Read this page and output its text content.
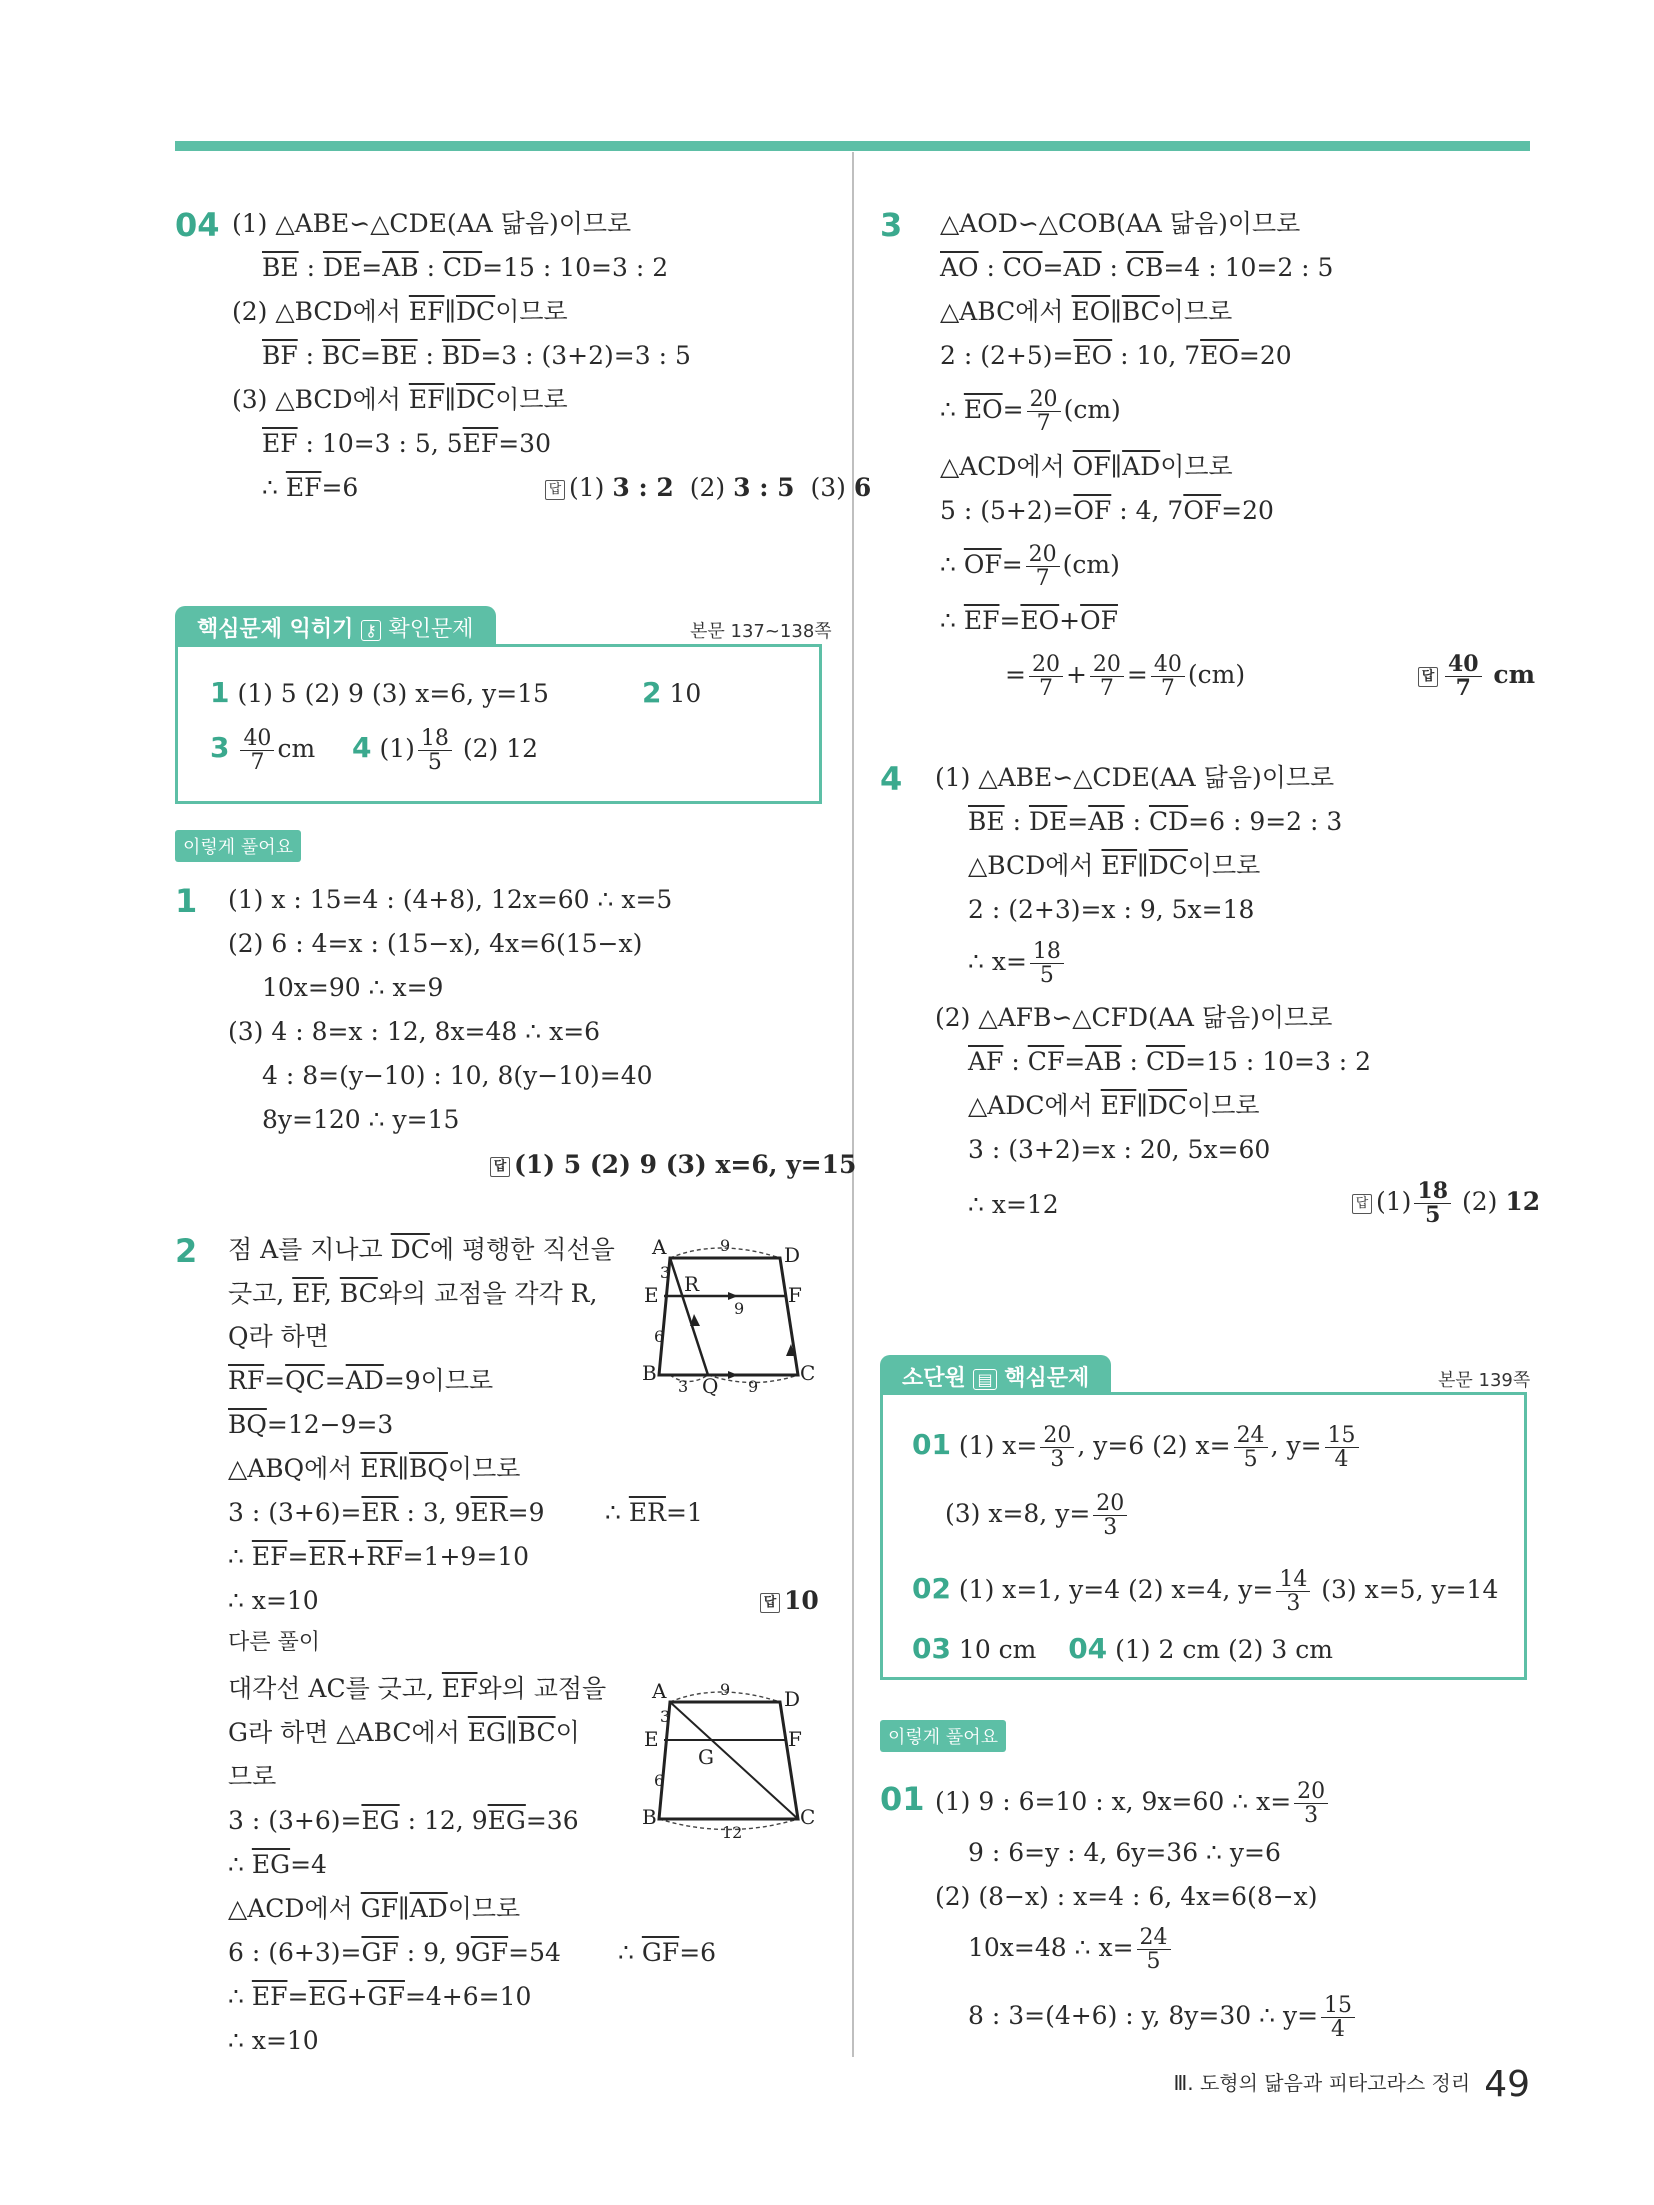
04 (1) △ABE∽△CDE(AA 닮음)이므로
$\overline{BE}$ : $\overline{DE}=\overline{AB}$ : $\overline{CD}=15$ : 10=3 : 2
(2) △BCD에서 $\overline{EF}\parallel\overline{DC}$이므로
$\overline{BF}$ : $\overline{BC}=\overline{BE}$ : $\overline{BD}=3$ : (3+2)=3 : 5
(3) △BCD에서 $\overline{EF}\parallel\overline{DC}$이므로
$\overline{EF}$ : 10=3 : 5, $5\overline{EF}=30$
∴ $\overline{EF}=6$	답 (1) 3 : 2 (2) 3 : 5 (3) 6
핵심문제 익히기 ⚷ 확인문제	본문 137~138쪽
1 (1) 5 (2) 9 (3) x=6, y=15	2 10
$3 \frac{40}{7}$ cm 4 $(1) \frac{18}{5} (2)$ 12
이렇게 풀어요
1 (1) x : 15=4 : (4+8), 12x=60 ∴ x=5
(2) 6 : 4=x : (15−x), 4x=6(15−x)
10x=90 ∴ x=9
(3) 4 : 8=x : 12, 8x=48 ∴ x=6
4 : 8=(y−10) : 10, 8(y−10)=40
8y=120 ∴ y=15
답 (1) 5 (2) 9 (3) x=6, y=15
2 점 A를 지나고 $\overline{DC}$에 평행한 직선을
긋고, $\overline{EF}$, $\overline{BC}$와의 교점을 각각 R,
Q라 하면
$\overline{RF}=\overline{QC}=\overline{AD}=9$이므로
$\overline{BQ}=12-9=3$
△ABQ에서 $\overline{ER}\parallel\overline{BQ}$이므로
3 : $(3+6)=\overline{ER}$ : 3, $9\overline{ER}=9$ ∴ $\overline{ER}=1$
∴ $\overline{EF}=\overline{ER}+\overline{RF}=1+9=10$
∴ x=10	답 10
다른 풀이
대각선 AC를 긋고, $\overline{EF}$와의 교점을
G라 하면 △ABC에서 $\overline{EG}\parallel\overline{BC}$이
므로
3 : $(3+6)=\overline{EG}$ : 12, $9\overline{EG}=36$
∴ $\overline{EG}=4$
△ACD에서 $\overline{GF}\parallel\overline{AD}$이므로
6 : $(6+3)=\overline{GF}$ : 9, $9\overline{GF}=54$ ∴ $\overline{GF}=6$
∴ $\overline{EF}=\overline{EG}+\overline{GF}=4+6=10$
∴ x=10
A	D
E	F
B	C
R
Q
9
9
3	9
3
6
A	D
E	F
B	C
G
9
12
3
6
3 △AOD∽△COB(AA 닮음)이므로
$\overline{AO}$ : $\overline{CO}=\overline{AD}$ : $\overline{CB}=4$ : 10=2 : 5
△ABC에서 $\overline{EO}\parallel\overline{BC}$이므로
2 : $(2+5)=\overline{EO}$ : 10, $7\overline{EO}=20$
∴ $\overline{EO}= \frac{20}{7} (cm)$
△ACD에서 $\overline{OF}\parallel\overline{AD}$이므로
5 : $(5+2)=\overline{OF}$ : 4, $7\overline{OF}=20$
∴ $\overline{OF}= \frac{20}{7} (cm)$
∴ $\overline{EF}=\overline{EO}+\overline{OF}$
= $\frac{20}{7} + \frac{20}{7} = \frac{40}{7} (cm)$	답 $\frac{40}{7}$ cm
4 (1) △ABE∽△CDE(AA 닮음)이므로
$\overline{BE}$ : $\overline{DE}=\overline{AB}$ : $\overline{CD}=6$ : 9=2 : 3
△BCD에서 $\overline{EF}\parallel\overline{DC}$이므로
2 : (2+3)=x : 9, 5x=18
∴ $x= \frac{18}{5}$
(2) △AFB∽△CFD(AA 닮음)이므로
$\overline{AF}$ : $\overline{CF}=\overline{AB}$ : $\overline{CD}=15$ : 10=3 : 2
△ADC에서 $\overline{EF}\parallel\overline{DC}$이므로
3 : (3+2)=x : 20, 5x=60
∴ x=12	답 $(1) \frac{18}{5} (2)$ 12
소단원 ▤ 핵심문제	본문 139쪽
01 (1) $x= \frac{20}{3}$ , y=6 (2) $x= \frac{24}{5}$ , $y= \frac{15}{4}$
(3) x=8, $y= \frac{20}{3}$
02 (1) x=1, y=4 (2) x=4, $y= \frac{14}{3} (3)$ x=5, y=14
03 10 cm 04 (1) 2 cm (2) 3 cm
이렇게 풀어요
01 (1) 9 : 6=10 : x, 9x=60 ∴ $x= \frac{20}{3}$
9 : 6=y : 4, 6y=36 ∴ y=6
(2) (8−x) : x=4 : 6, 4x=6(8−x)
10x=48 ∴ $x= \frac{24}{5}$
8 : 3=(4+6) : y, 8y=30 ∴ $y= \frac{15}{4}$
Ⅲ. 도형의 닮음과 피타고라스 정리 49
